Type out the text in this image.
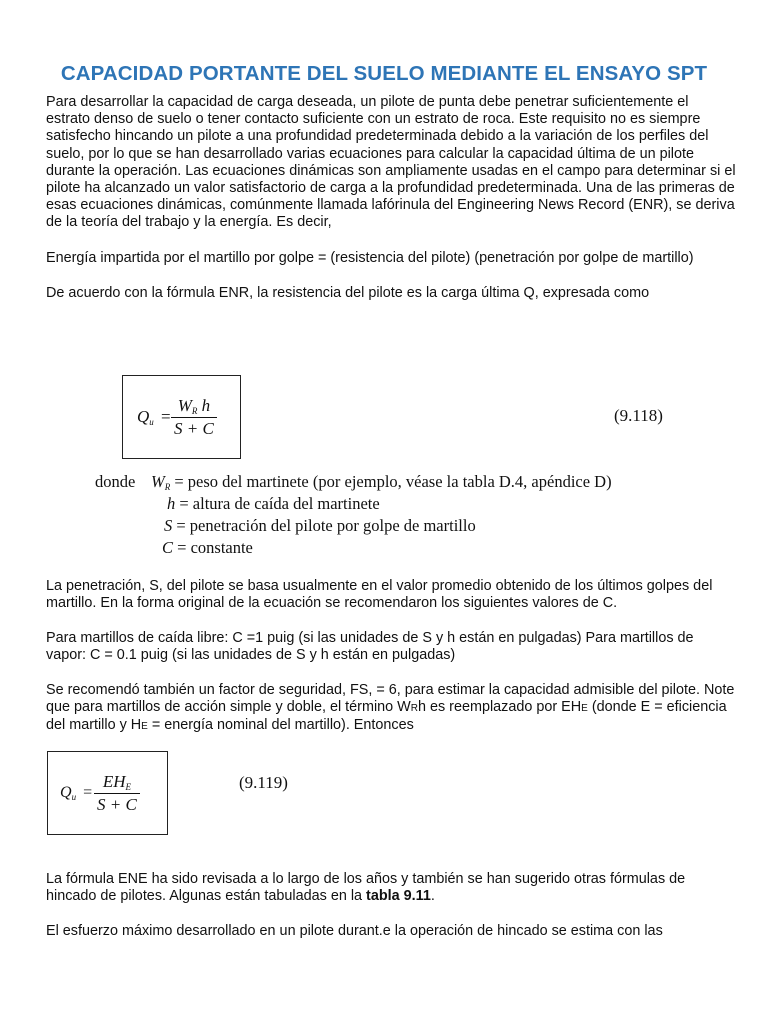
CAPACIDAD PORTANTE DEL SUELO MEDIANTE EL ENSAYO SPT

Para desarrollar la capacidad de carga deseada, un pilote de punta debe penetrar suficientemente el estrato denso de suelo o tener contacto suficiente con un estrato de roca. Este requisito no es siempre satisfecho hincando un pilote a una profundidad predeterminada debido a la variación de los perfiles del suelo, por lo que se han desarrollado varias ecuaciones para calcular la capacidad última de un pilote durante la operación. Las ecuaciones dinámicas son ampliamente usadas en el campo para determinar si el pilote ha alcanzado un valor satisfactorio de carga a la profundidad predeterminada. Una de las primeras de esas ecuaciones dinámicas, comúnmente llamada lafórinula del Engineering News Record (ENR), se deriva de la teoría del trabajo y la energía. Es decir,

Energía impartida por el martillo por golpe = (resistencia del pilote) (penetración por golpe de martillo)

De acuerdo con la fórmula ENR, la resistencia del pilote es la carga última Q, expresada como

$Q_u = \frac{W_R h}{S + C}$	(9.118)
donde $W_R$ = peso del martinete (por ejemplo, véase la tabla D.4, apéndice D)
h = altura de caída del martinete
S = penetración del pilote por golpe de martillo
C = constante

La penetración, S, del pilote se basa usualmente en el valor promedio obtenido de los últimos golpes del martillo. En la forma original de la ecuación se recomendaron los siguientes valores de C.

Para martillos de caída libre: C =1 puig (si las unidades de S y h están en pulgadas) Para martillos de vapor: C = 0.1 puig (si las unidades de S y h están en pulgadas)

Se recomendó también un factor de seguridad, FS, = 6, para estimar la capacidad admisible del pilote. Note que para martillos de acción simple y doble, el término WRh es reemplazado por EHE (donde E = eficiencia del martillo y HE = energía nominal del martillo). Entonces

$Q_u$ =
$EH_E$
S + C
(9.119)

La fórmula ENE ha sido revisada a lo largo de los años y también se han sugerido otras fórmulas de hincado de pilotes. Algunas están tabuladas en la tabla 9.11.

El esfuerzo máximo desarrollado en un pilote durant.e la operación de hincado se estima con las
